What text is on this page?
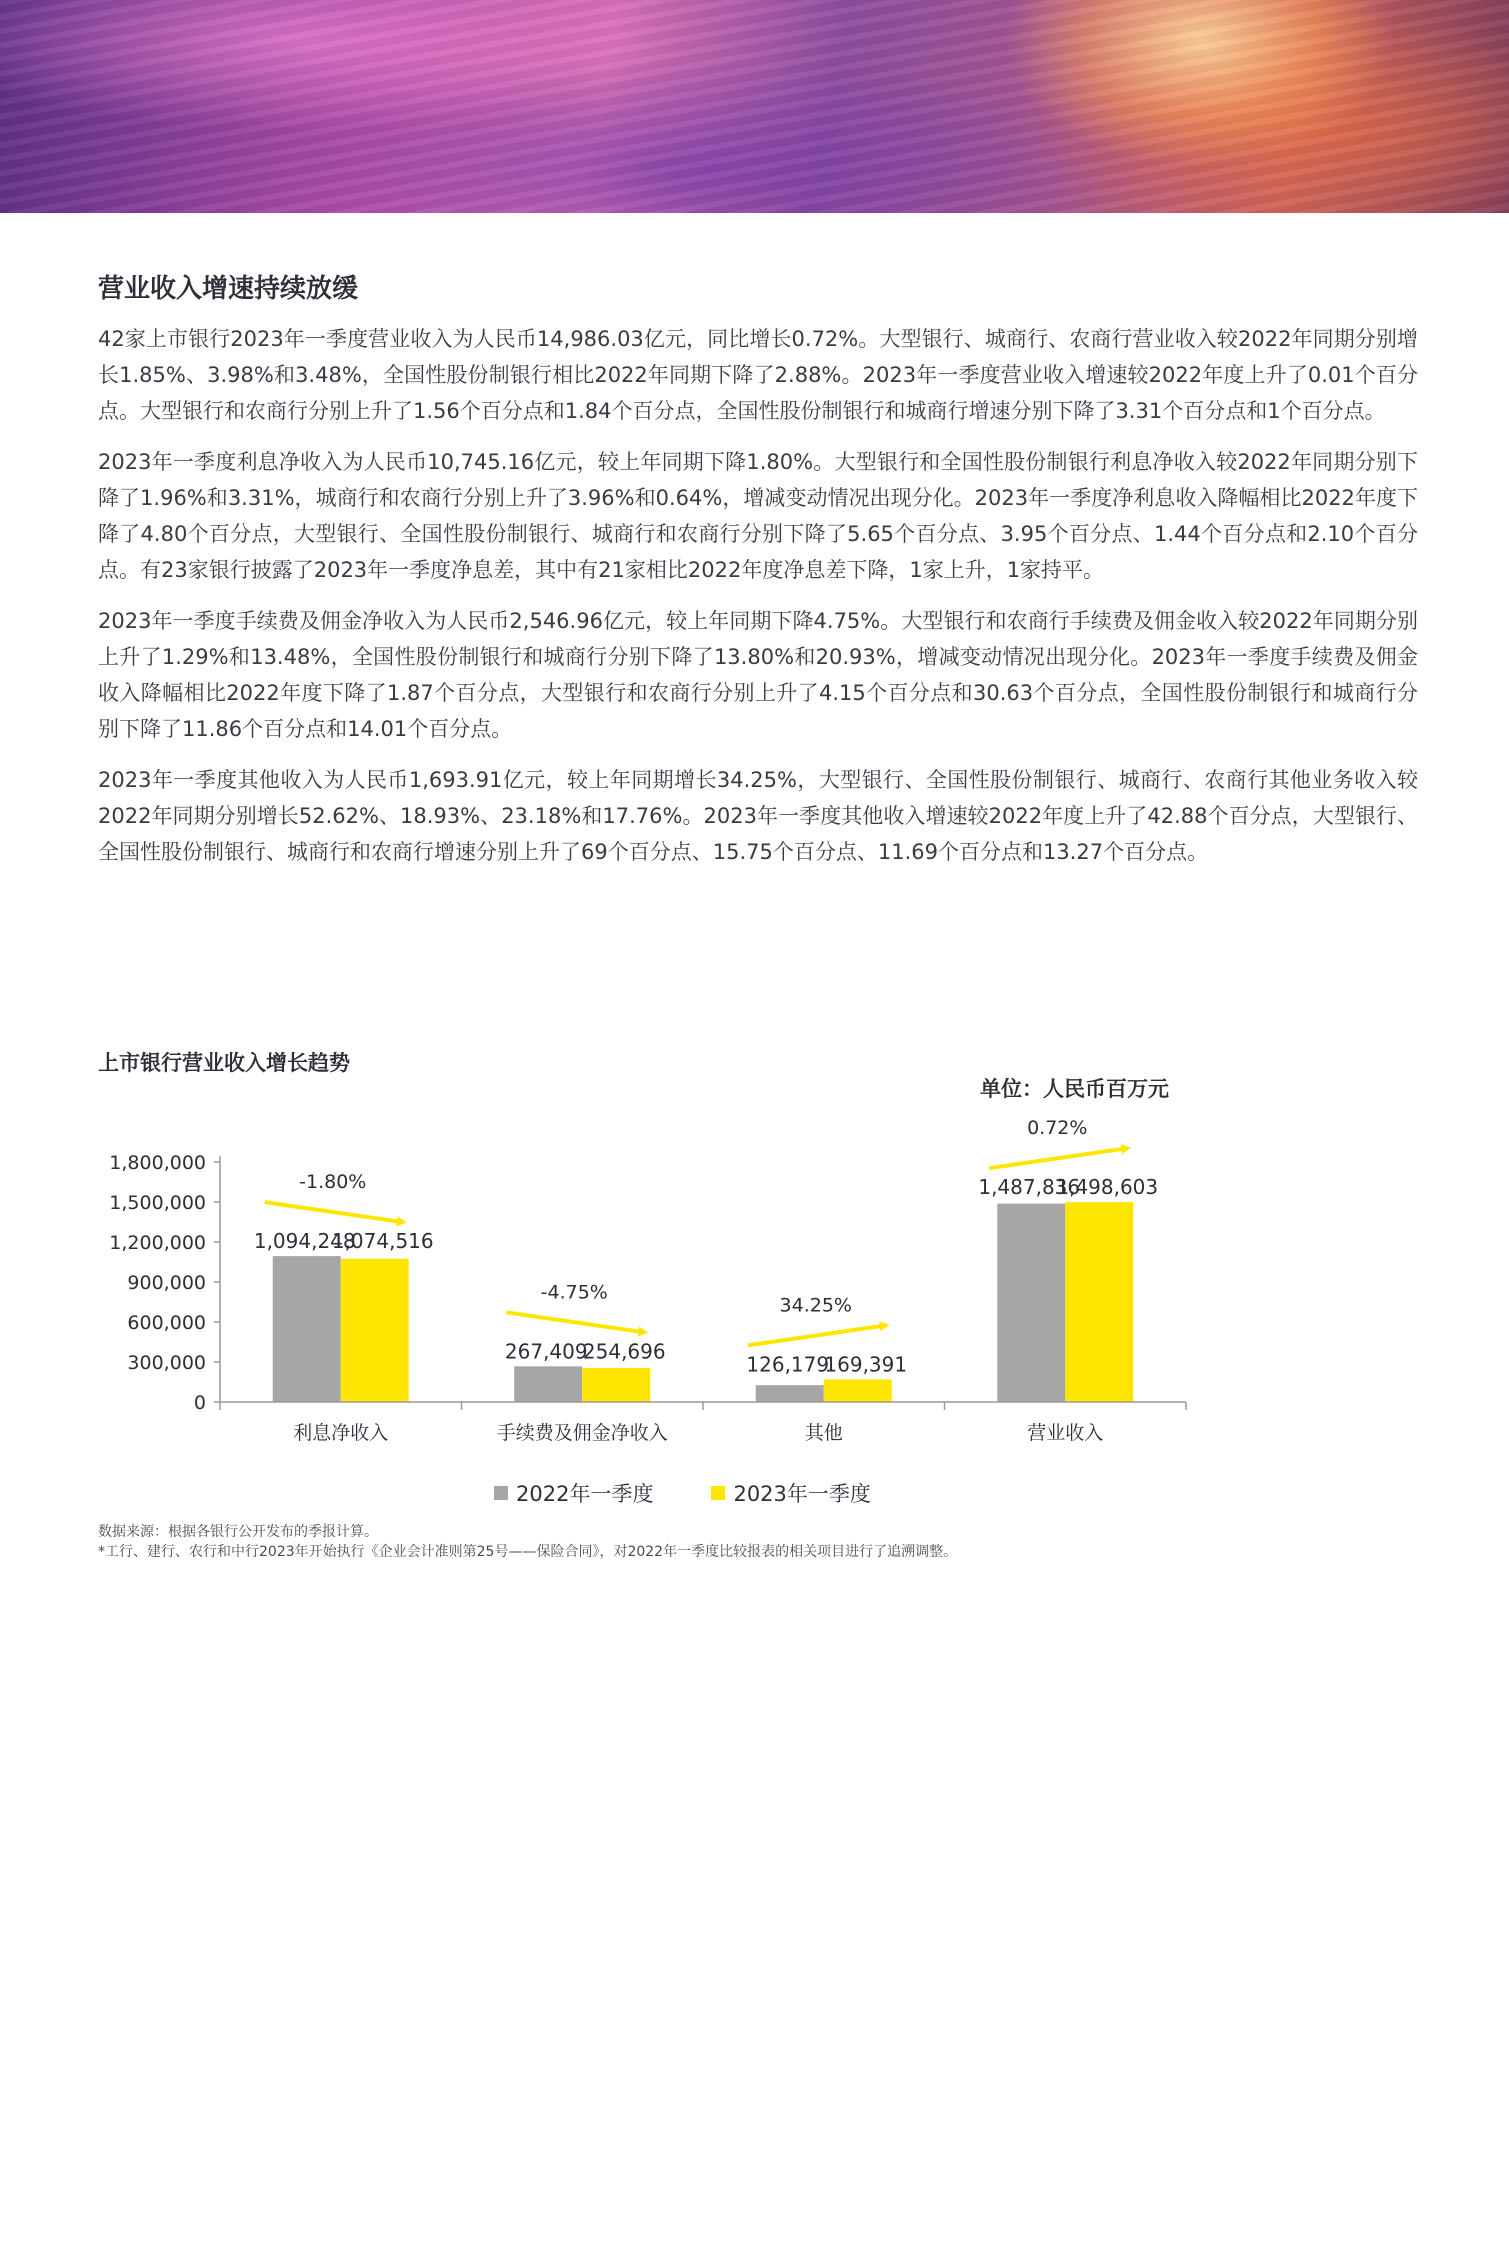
营业收入增速持续放缓

42家上市银行2023年一季度营业收入为人民币14,986.03亿元，同比增长0.72%。大型银行、城商行、农商行营业收入较2022年同期分别增长1.85%、3.98%和3.48%，全国性股份制银行相比2022年同期下降了2.88%。2023年一季度营业收入增速较2022年度上升了0.01个百分点。大型银行和农商行分别上升了1.56个百分点和1.84个百分点，全国性股份制银行和城商行增速分别下降了3.31个百分点和1个百分点。

2023年一季度利息净收入为人民币10,745.16亿元，较上年同期下降1.80%。大型银行和全国性股份制银行利息净收入较2022年同期分别下降了1.96%和3.31%，城商行和农商行分别上升了3.96%和0.64%，增减变动情况出现分化。2023年一季度净利息收入降幅相比2022年度下降了4.80个百分点，大型银行、全国性股份制银行、城商行和农商行分别下降了5.65个百分点、3.95个百分点、1.44个百分点和2.10个百分点。有23家银行披露了2023年一季度净息差，其中有21家相比2022年度净息差下降，1家上升，1家持平。

2023年一季度手续费及佣金净收入为人民币2,546.96亿元，较上年同期下降4.75%。大型银行和农商行手续费及佣金收入较2022年同期分别上升了1.29%和13.48%，全国性股份制银行和城商行分别下降了13.80%和20.93%，增减变动情况出现分化。2023年一季度手续费及佣金收入降幅相比2022年度下降了1.87个百分点，大型银行和农商行分别上升了4.15个百分点和30.63个百分点，全国性股份制银行和城商行分别下降了11.86个百分点和14.01个百分点。

2023年一季度其他收入为人民币1,693.91亿元，较上年同期增长34.25%，大型银行、全国性股份制银行、城商行、农商行其他业务收入较2022年同期分别增长52.62%、18.93%、23.18%和17.76%。2023年一季度其他收入增速较2022年度上升了42.88个百分点，大型银行、全国性股份制银行、城商行和农商行增速分别上升了69个百分点、15.75个百分点、11.69个百分点和13.27个百分点。

上市银行营业收入增长趋势
单位：人民币百万元
0
300,000
600,000
900,000
1,200,000
1,500,000
1,800,000
1,094,248
1,074,516
利息净收入
-1.80%
267,409
254,696
手续费及佣金净收入
-4.75%
126,179
169,391
其他
34.25%
1,487,836
1,498,603
营业收入
0.72%
2022年一季度	2023年一季度
数据来源：根据各银行公开发布的季报计算。
*工行、建行、农行和中行2023年开始执行《企业会计准则第25号——保险合同》，对2022年一季度比较报表的相关项目进行了追溯调整。
